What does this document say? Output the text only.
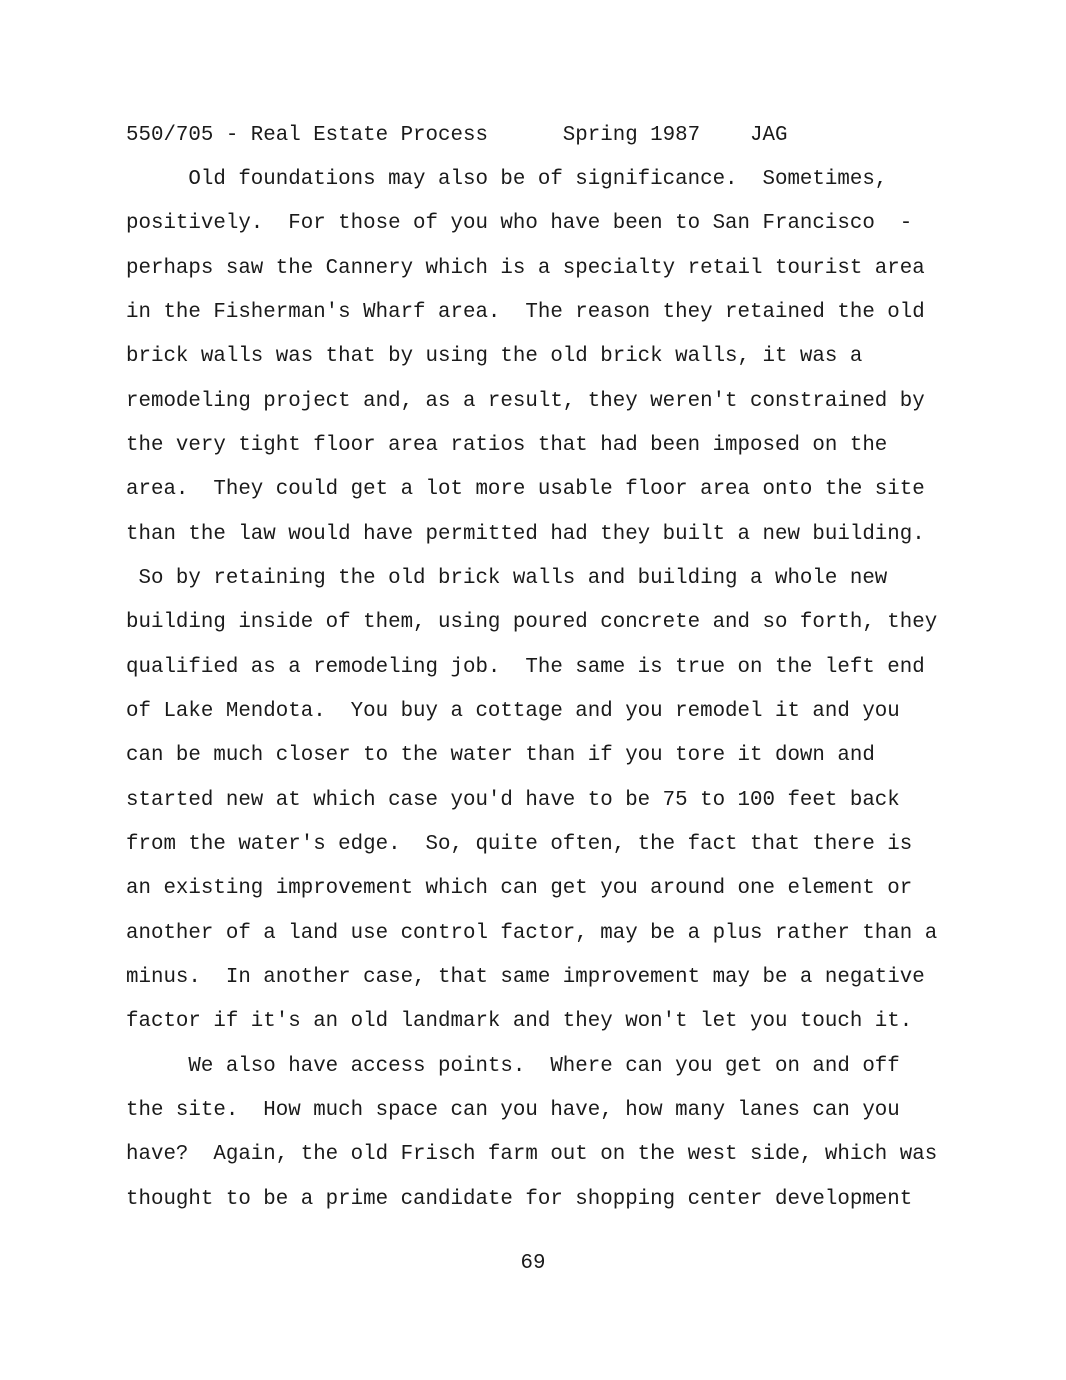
550/705 - Real Estate Process      Spring 1987    JAG
Old foundations may also be of significance.  Sometimes,
positively.  For those of you who have been to San Francisco  -
perhaps saw the Cannery which is a specialty retail tourist area
in the Fisherman's Wharf area.  The reason they retained the old
brick walls was that by using the old brick walls, it was a
remodeling project and, as a result, they weren't constrained by
the very tight floor area ratios that had been imposed on the
area.  They could get a lot more usable floor area onto the site
than the law would have permitted had they built a new building.
So by retaining the old brick walls and building a whole new
building inside of them, using poured concrete and so forth, they
qualified as a remodeling job.  The same is true on the left end
of Lake Mendota.  You buy a cottage and you remodel it and you
can be much closer to the water than if you tore it down and
started new at which case you'd have to be 75 to 100 feet back
from the water's edge.  So, quite often, the fact that there is
an existing improvement which can get you around one element or
another of a land use control factor, may be a plus rather than a
minus.  In another case, that same improvement may be a negative
factor if it's an old landmark and they won't let you touch it.
We also have access points.  Where can you get on and off
the site.  How much space can you have, how many lanes can you
have?  Again, the old Frisch farm out on the west side, which was
thought to be a prime candidate for shopping center development
69
